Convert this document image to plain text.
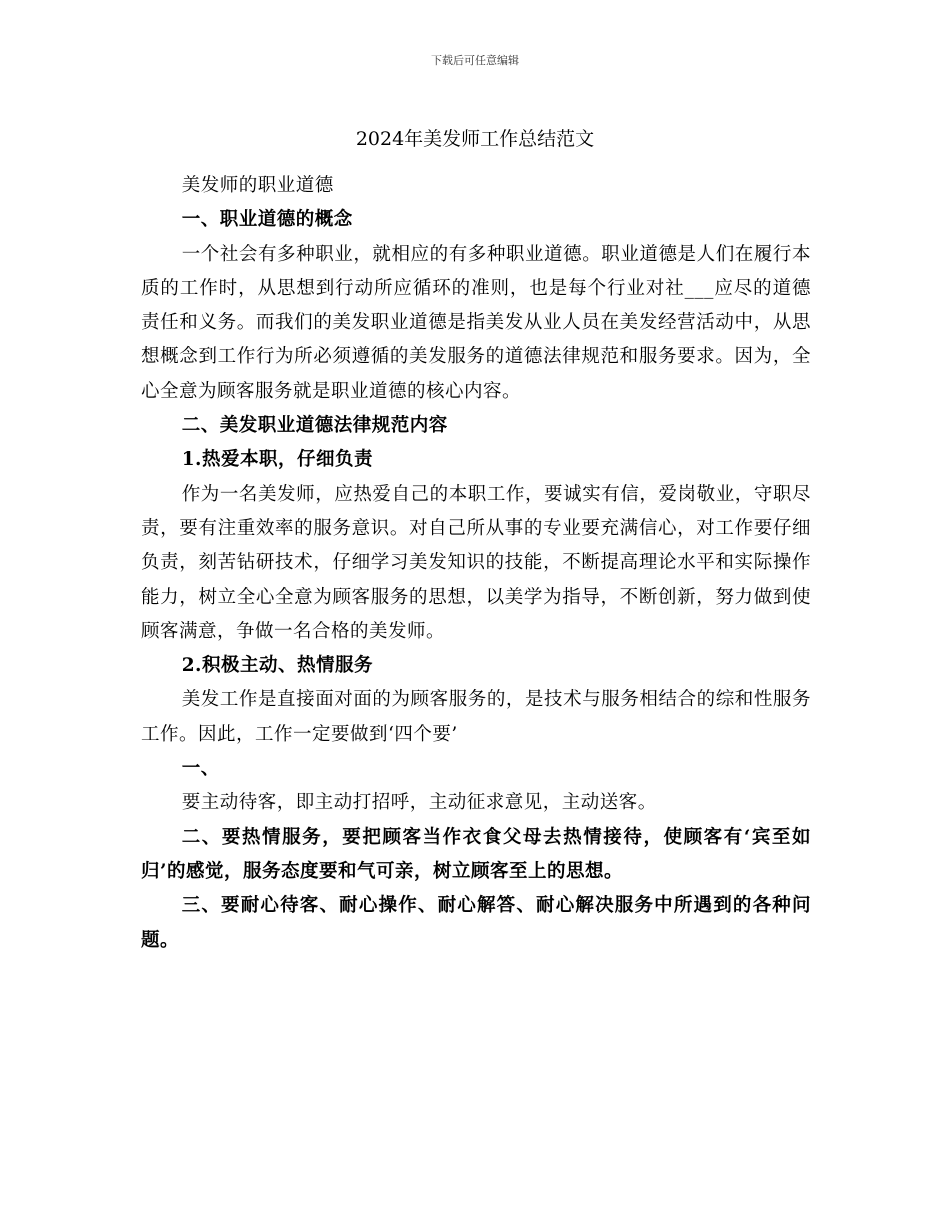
下载后可任意编辑
2024年美发师工作总结范文

美发师的职业道德

一、职业道德的概念

一个社会有多种职业，就相应的有多种职业道德。职业道德是人们在履行本质的工作时，从思想到行动所应循环的准则，也是每个行业对社___应尽的道德责任和义务。而我们的美发职业道德是指美发从业人员在美发经营活动中，从思想概念到工作行为所必须遵循的美发服务的道德法律规范和服务要求。因为，全心全意为顾客服务就是职业道德的核心内容。

二、美发职业道德法律规范内容

1.热爱本职，仔细负责

作为一名美发师，应热爱自己的本职工作，要诚实有信，爱岗敬业，守职尽责，要有注重效率的服务意识。对自己所从事的专业要充满信心，对工作要仔细负责，刻苦钻研技术，仔细学习美发知识的技能，不断提高理论水平和实际操作能力，树立全心全意为顾客服务的思想，以美学为指导，不断创新，努力做到使顾客满意，争做一名合格的美发师。

2.积极主动、热情服务

美发工作是直接面对面的为顾客服务的，是技术与服务相结合的综和性服务工作。因此，工作一定要做到‘四个要’

一、

要主动待客，即主动打招呼，主动征求意见，主动送客。

二、要热情服务，要把顾客当作衣食父母去热情接待，使顾客有‘宾至如归’的感觉，服务态度要和气可亲，树立顾客至上的思想。

三、要耐心待客、耐心操作、耐心解答、耐心解决服务中所遇到的各种问题。
